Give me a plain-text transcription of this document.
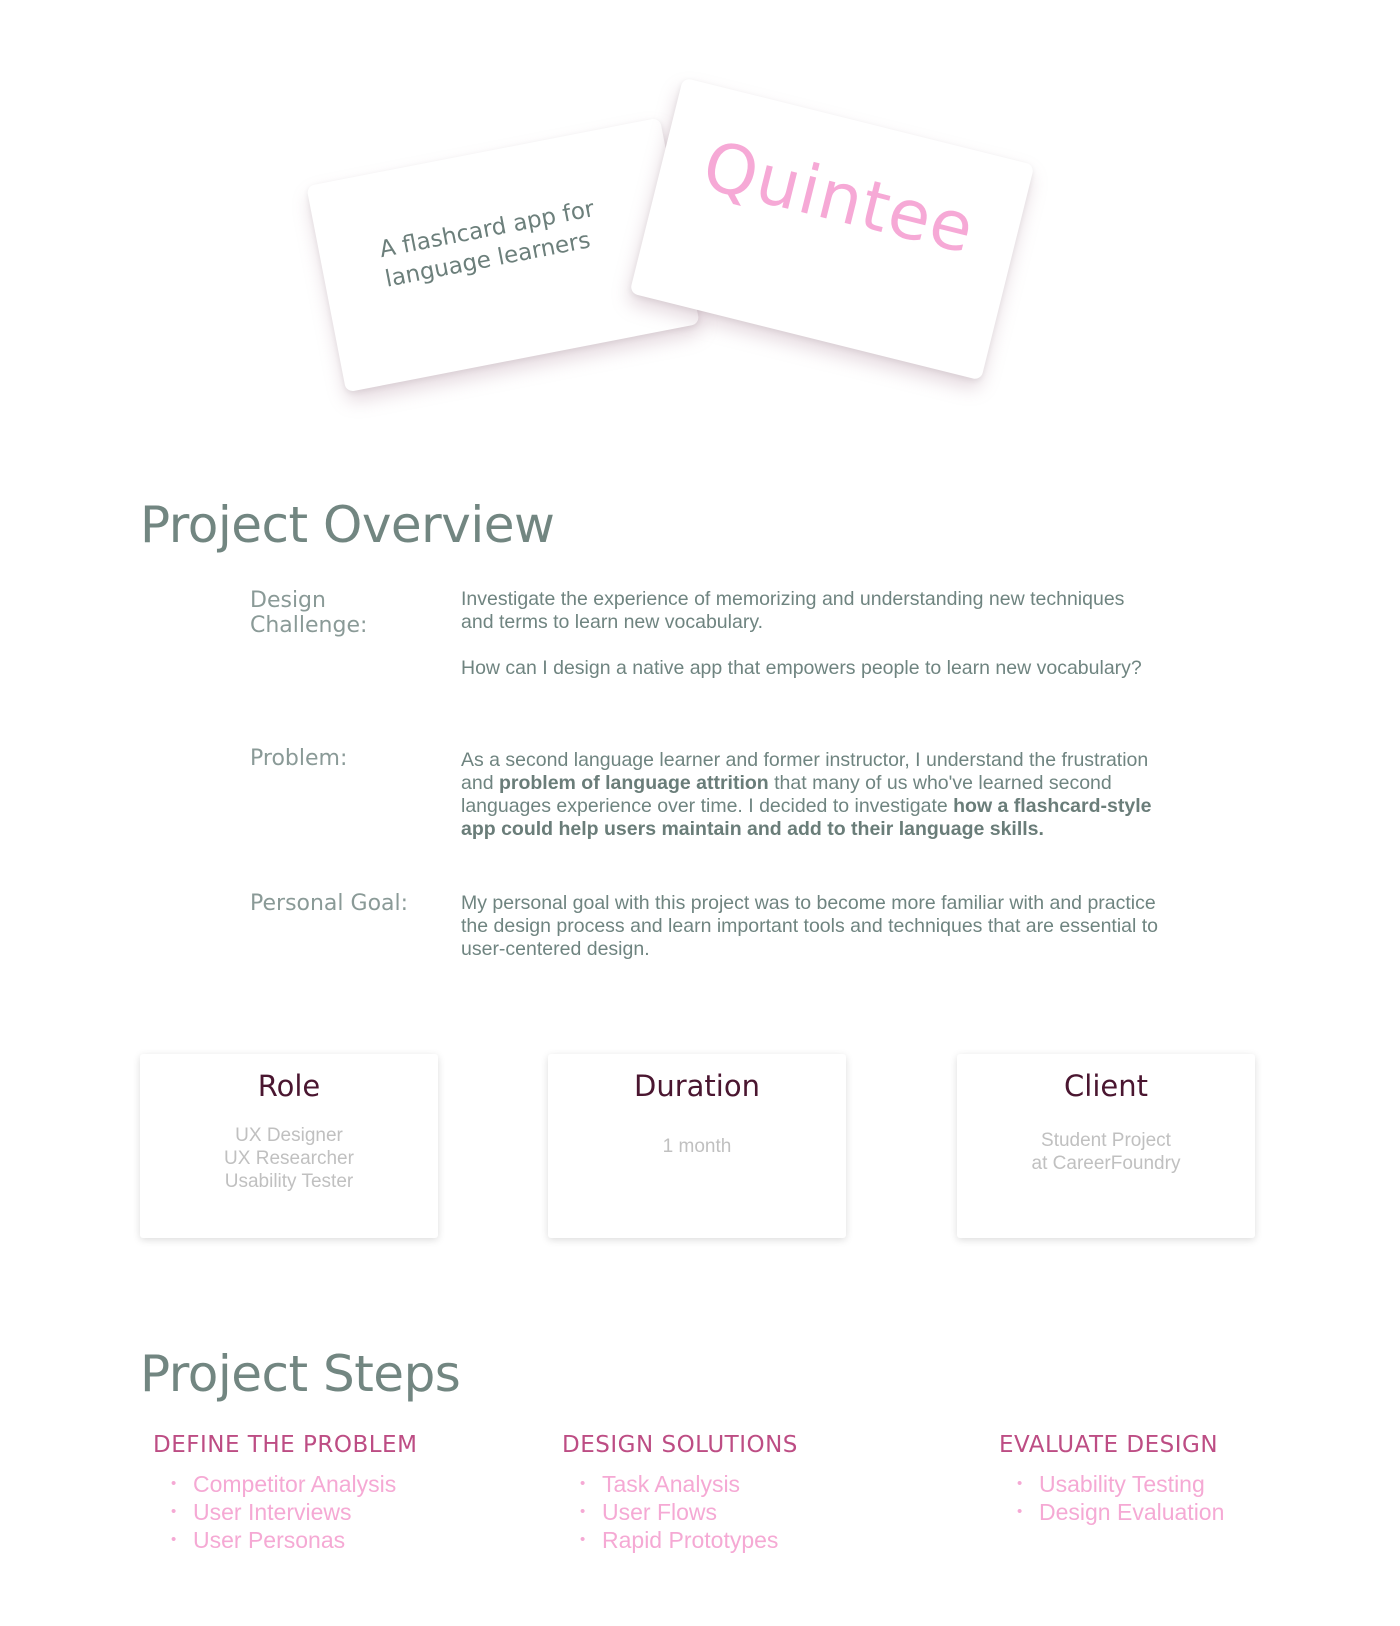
A flashcard app for language learners	Quintee
Project Overview
Design Challenge:
Investigate the experience of memorizing and understanding new techniques and terms to learn new vocabulary.
How can I design a native app that empowers people to learn new vocabulary?
Problem:	As a second language learner and former instructor, I understand the frustration and problem of language attrition that many of us who've learned second languages experience over time. I decided to investigate how a flashcard-style app could help users maintain and add to their language skills.
Personal Goal:	My personal goal with this project was to become more familiar with and practice the design process and learn important tools and techniques that are essential to user-centered design.
Role
UX Designer
UX Researcher
Usability Tester
Duration
1 month
Client
Student Project
at CareerFoundry
Project Steps
DEFINE THE PROBLEM
• Competitor Analysis
• User Interviews
• User Personas
DESIGN SOLUTIONS
• Task Analysis
• User Flows
• Rapid Prototypes
EVALUATE DESIGN
• Usability Testing
• Design Evaluation
